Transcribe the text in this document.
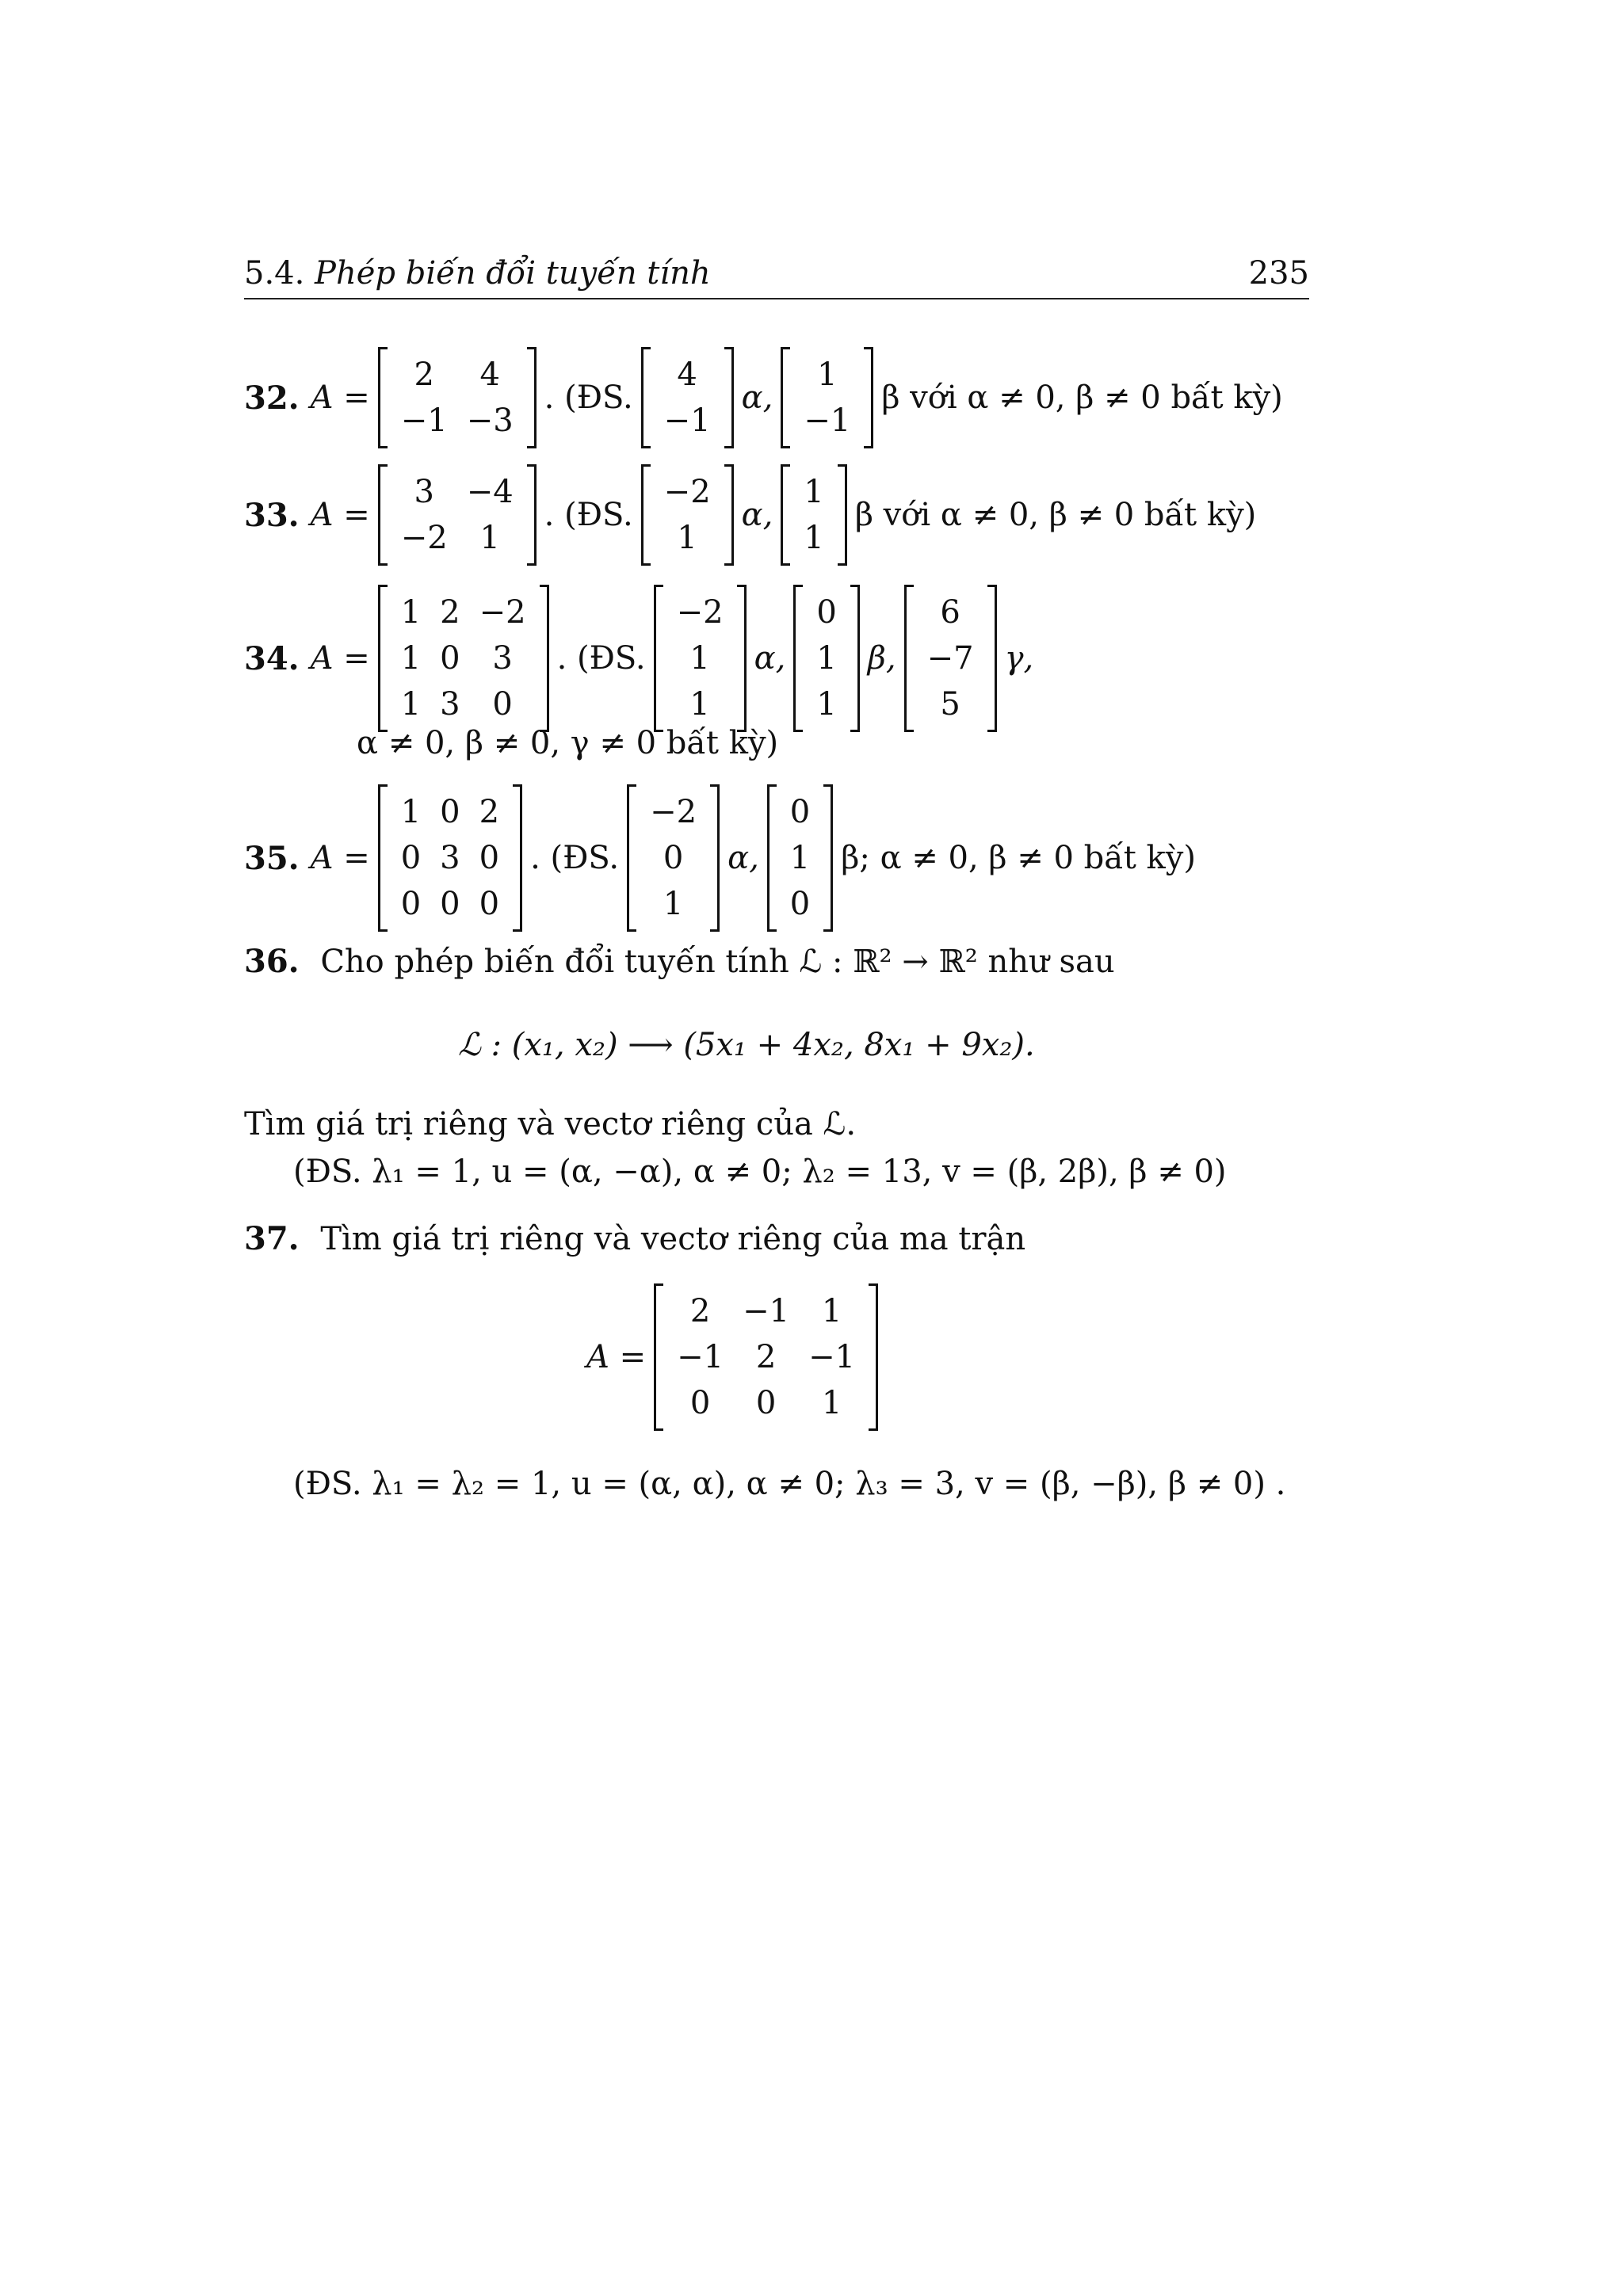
5.4. Phép biến đổi tuyến tính	235
32. A =
2
−1
4
−3
. (ĐS.
4
−1
α,
1
−1
β với α ≠ 0, β ≠ 0 bất kỳ)
33. A =
3
−2
−4
1
. (ĐS.
−2
1
α,
1
1
β với α ≠ 0, β ≠ 0 bất kỳ)
34. A =
1
1
1
2
0
3
−2
3
0
. (ĐS.
−2
1
1
α,
0
1
1
β,
6
−7
5
γ,
α ≠ 0, β ≠ 0, γ ≠ 0 bất kỳ)
35. A =
1
0
0
0
3
0
2
0
0
. (ĐS.
−2
0
1
α,
0
1
0
β; α ≠ 0, β ≠ 0 bất kỳ)
36. Cho phép biến đổi tuyến tính ℒ : ℝ² → ℝ² như sau
ℒ : (x₁, x₂) ⟶ (5x₁ + 4x₂, 8x₁ + 9x₂).
Tìm giá trị riêng và vectơ riêng của ℒ.
(ĐS. λ₁ = 1, u = (α, −α), α ≠ 0; λ₂ = 13, v = (β, 2β), β ≠ 0)
37. Tìm giá trị riêng và vectơ riêng của ma trận
A =
2
−1
0
−1
2
0
1
−1
1
(ĐS. λ₁ = λ₂ = 1, u = (α, α), α ≠ 0; λ₃ = 3, v = (β, −β), β ≠ 0) .
